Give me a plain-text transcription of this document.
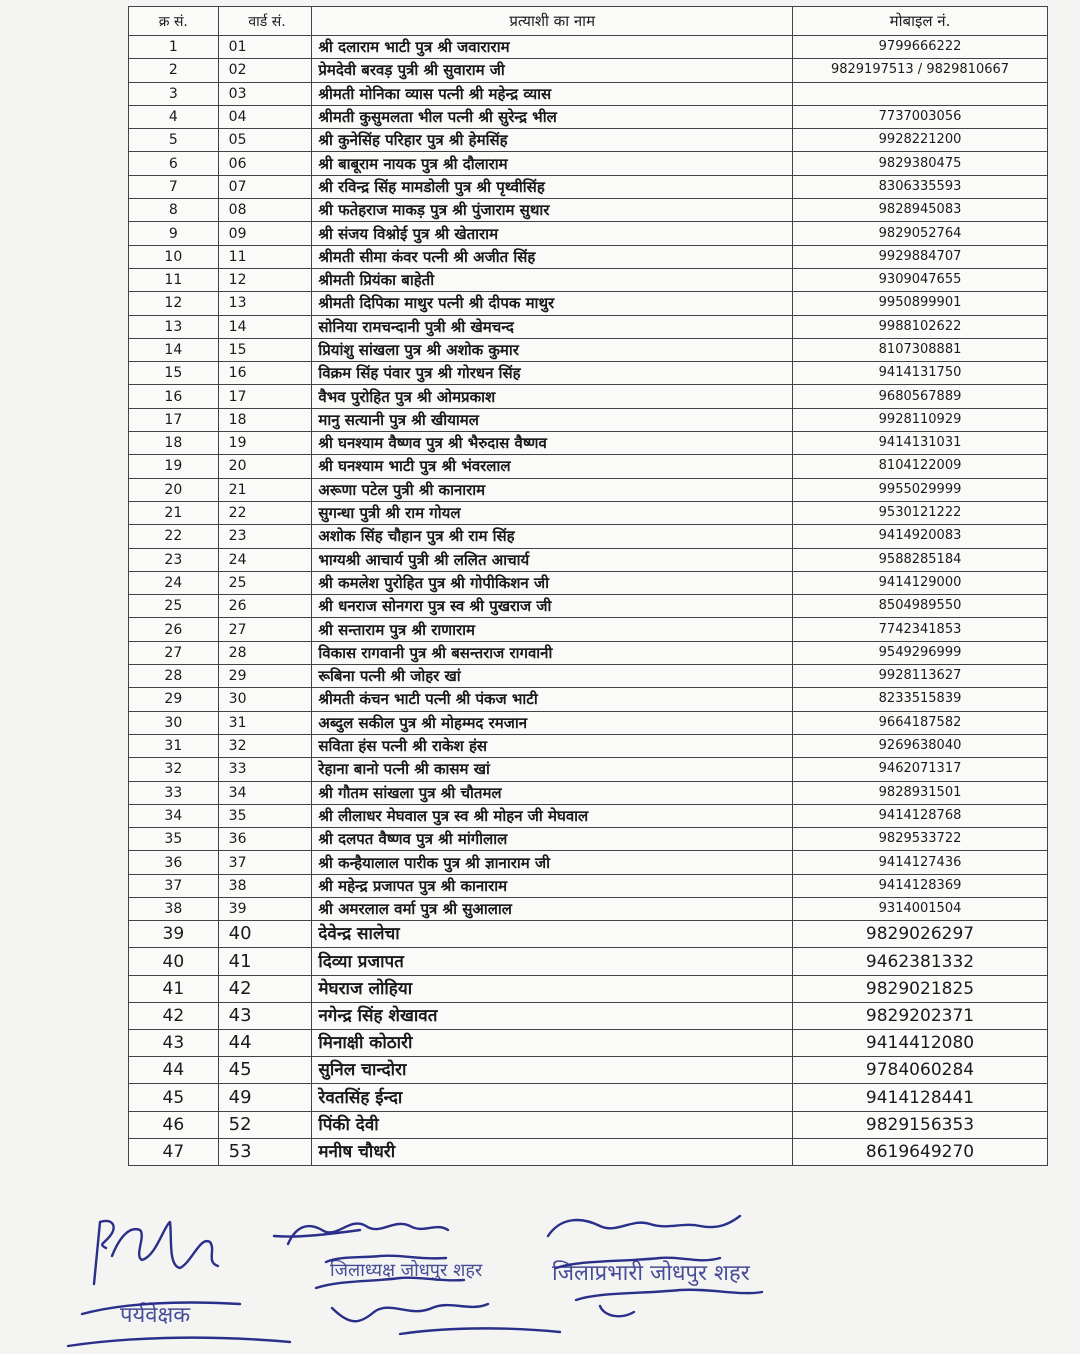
क्र सं.	वार्ड सं.	प्रत्याशी का नाम	मोबाइल नं.
1	01	श्री दलाराम भाटी पुत्र श्री जवाराराम	9799666222
2	02	प्रेमदेवी बरवड़ पुत्री श्री सुवाराम जी	9829197513 / 9829810667
3	03	श्रीमती मोनिका व्यास पत्नी श्री महेन्द्र व्यास	
4	04	श्रीमती कुसुमलता भील पत्नी श्री सुरेन्द्र भील	7737003056
5	05	श्री कुनेसिंह परिहार पुत्र श्री हेमसिंह	9928221200
6	06	श्री बाबूराम नायक पुत्र श्री दौलाराम	9829380475
7	07	श्री रविन्द्र सिंह मामडोली पुत्र श्री पृथ्वीसिंह	8306335593
8	08	श्री फतेहराज माकड़ पुत्र श्री पुंजाराम सुथार	9828945083
9	09	श्री संजय विश्नोई पुत्र श्री खेताराम	9829052764
10	11	श्रीमती सीमा कंवर पत्नी श्री अजीत सिंह	9929884707
11	12	श्रीमती प्रियंका बाहेती	9309047655
12	13	श्रीमती दिपिका माथुर पत्नी श्री दीपक माथुर	9950899901
13	14	सोनिया रामचन्दानी पुत्री श्री खेमचन्द	9988102622
14	15	प्रियांशु सांखला पुत्र श्री अशोक कुमार	8107308881
15	16	विक्रम सिंह पंवार पुत्र श्री गोरधन सिंह	9414131750
16	17	वैभव पुरोहित पुत्र श्री ओमप्रकाश	9680567889
17	18	मानु सत्यानी पुत्र श्री खीयामल	9928110929
18	19	श्री घनश्याम वैष्णव पुत्र श्री भैरुदास वैष्णव	9414131031
19	20	श्री घनश्याम भाटी पुत्र श्री भंवरलाल	8104122009
20	21	अरूणा पटेल पुत्री श्री कानाराम	9955029999
21	22	सुगन्धा पुत्री श्री राम गोयल	9530121222
22	23	अशोक सिंह चौहान पुत्र श्री राम सिंह	9414920083
23	24	भाग्यश्री आचार्य पुत्री श्री ललित आचार्य	9588285184
24	25	श्री कमलेश पुरोहित पुत्र श्री गोपीकिशन जी	9414129000
25	26	श्री धनराज सोनगरा पुत्र स्व श्री पुखराज जी	8504989550
26	27	श्री सन्ताराम पुत्र श्री राणाराम	7742341853
27	28	विकास रागवानी पुत्र श्री बसन्तराज रागवानी	9549296999
28	29	रूबिना पत्नी श्री जोहर खां	9928113627
29	30	श्रीमती कंचन भाटी पत्नी श्री पंकज भाटी	8233515839
30	31	अब्दुल सकील पुत्र श्री मोहम्मद रमजान	9664187582
31	32	सविता हंस पत्नी श्री राकेश हंस	9269638040
32	33	रेहाना बानो पत्नी श्री कासम खां	9462071317
33	34	श्री गौतम सांखला पुत्र श्री चौतमल	9828931501
34	35	श्री लीलाधर मेघवाल पुत्र स्व श्री मोहन जी मेघवाल	9414128768
35	36	श्री दलपत वैष्णव पुत्र श्री मांगीलाल	9829533722
36	37	श्री कन्हैयालाल पारीक पुत्र श्री ज्ञानाराम जी	9414127436
37	38	श्री महेन्द्र प्रजापत पुत्र श्री कानाराम	9414128369
38	39	श्री अमरलाल वर्मा पुत्र श्री सुआलाल	9314001504
39	40	देवेन्द्र सालेचा	9829026297
40	41	दिव्या प्रजापत	9462381332
41	42	मेघराज लोहिया	9829021825
42	43	नगेन्द्र सिंह शेखावत	9829202371
43	44	मिनाक्षी कोठारी	9414412080
44	45	सुनिल चान्दोरा	9784060284
45	49	रेवतसिंह ईन्दा	9414128441
46	52	पिंकी देवी	9829156353
47	53	मनीष चौधरी	8619649270
पर्यवेक्षक
जिलाध्यक्ष जोधपुर शहर	जिलाप्रभारी जोधपुर शहर
